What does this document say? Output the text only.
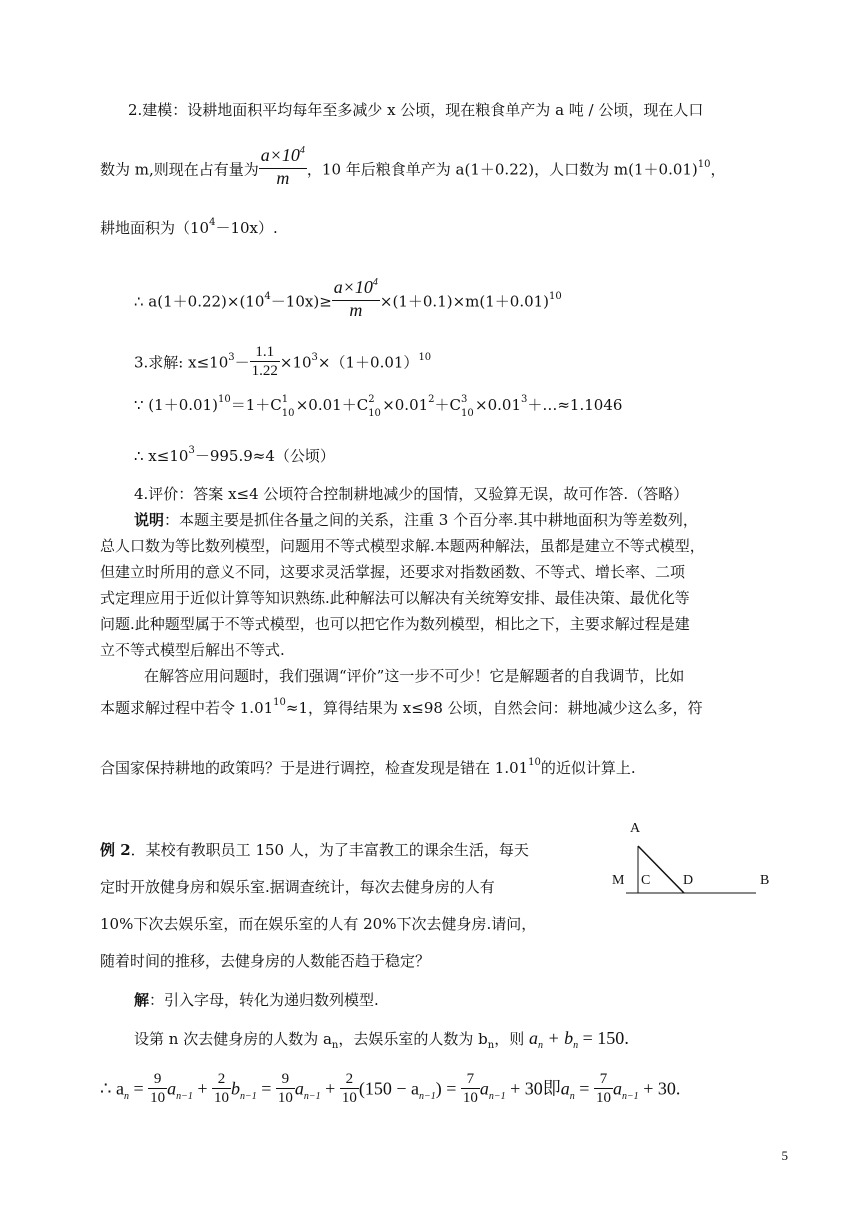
2.建模：设耕地面积平均每年至多减少 x 公顷，现在粮食单产为 a 吨 / 公顷，现在人口
数为 m,则现在占有量为 $\frac{a\times 10^4}{m}$ ，10 年后粮食单产为 a(1＋0.22)，人口数为 $m(1+0.01)^{10}$，
耕地面积为$(10^4-10x)$.
∴ $a(1+0.22)\times(10^4-10x)\ge \frac{a\times 10^4}{m} \times(1+0.1)\times m(1+0.01)^{10}$
3.求解: $x\le 10^3- \frac{1.1}{1.22} \times 10^3\times(1+0.01)^{10}$
∵ $(1+0.01)^{10}=1+C$ 1
10 ×0.01＋C 2
$10 \times 0.01^2+C$ 3
$10 \times 0.01^3+\dots\approx 1.1046$
∴ $x\le 10^3-995.9\approx 4$（公顷）
4.评价：答案 x≤4 公顷符合控制耕地减少的国情，又验算无误，故可作答.（答略）
说明：本题主要是抓住各量之间的关系，注重 3 个百分率.其中耕地面积为等差数列，
总人口数为等比数列模型，问题用不等式模型求解.本题两种解法，虽都是建立不等式模型，
但建立时所用的意义不同，这要求灵活掌握，还要求对指数函数、不等式、增长率、二项
式定理应用于近似计算等知识熟练.此种解法可以解决有关统筹安排、最佳决策、最优化等
问题.此种题型属于不等式模型，也可以把它作为数列模型，相比之下，主要求解过程是建
立不等式模型后解出不等式.
在解答应用问题时，我们强调“评价”这一步不可少！它是解题者的自我调节，比如
本题求解过程中若令 $1.01^{10}\approx 1$，算得结果为 x≤98 公顷，自然会问：耕地减少这么多，符
合国家保持耕地的政策吗？于是进行调控，检查发现是错在 1.01$^{10}$的近似计算上.
例 2．某校有教职员工 150 人，为了丰富教工的课余生活，每天
定时开放健身房和娱乐室.据调查统计，每次去健身房的人有
10%下次去娱乐室，而在娱乐室的人有 20%下次去健身房.请问，
随着时间的推移，去健身房的人数能否趋于稳定？
A
M C D	B
解：引入字母，转化为递归数列模型.
设第 n 次去健身房的人数为 $a_n$，去娱乐室的人数为 $b_n$，则 $a_n + b_n = 150$.
∴ $a_n = \frac{9}{10} a_{n-1} + \frac{2}{10} b_{n-1} = \frac{9}{10} a_{n-1} + \frac{2}{10} (150 - a_{n-1}) = \frac{7}{10} a_{n-1} + 30$即$a_n = \frac{7}{10} a_{n-1} + 30$.
5
